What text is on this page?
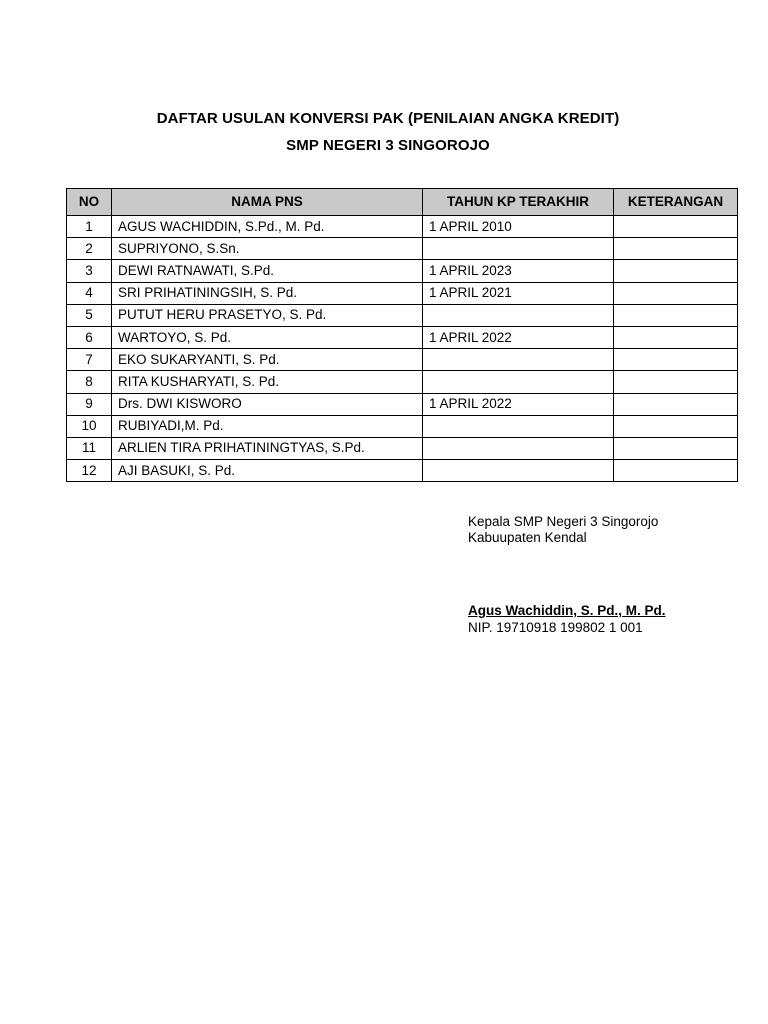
DAFTAR USULAN KONVERSI PAK (PENILAIAN ANGKA KREDIT)
SMP NEGERI 3 SINGOROJO
NO	NAMA PNS	TAHUN KP TERAKHIR	KETERANGAN
1	AGUS WACHIDDIN, S.Pd., M. Pd.	1 APRIL 2010	
2	SUPRIYONO, S.Sn.		
3	DEWI RATNAWATI, S.Pd.	1 APRIL 2023	
4	SRI PRIHATININGSIH, S. Pd.	1 APRIL 2021	
5	PUTUT HERU PRASETYO, S. Pd.		
6	WARTOYO, S. Pd.	1 APRIL 2022	
7	EKO SUKARYANTI, S. Pd.		
8	RITA KUSHARYATI, S. Pd.		
9	Drs. DWI KISWORO	1 APRIL 2022	
10	RUBIYADI,M. Pd.		
11	ARLIEN TIRA PRIHATININGTYAS, S.Pd.		
12	AJI BASUKI, S. Pd.		
Kepala SMP Negeri 3 Singorojo
Kabuupaten Kendal
Agus Wachiddin, S. Pd., M. Pd.
NIP. 19710918 199802 1 001
